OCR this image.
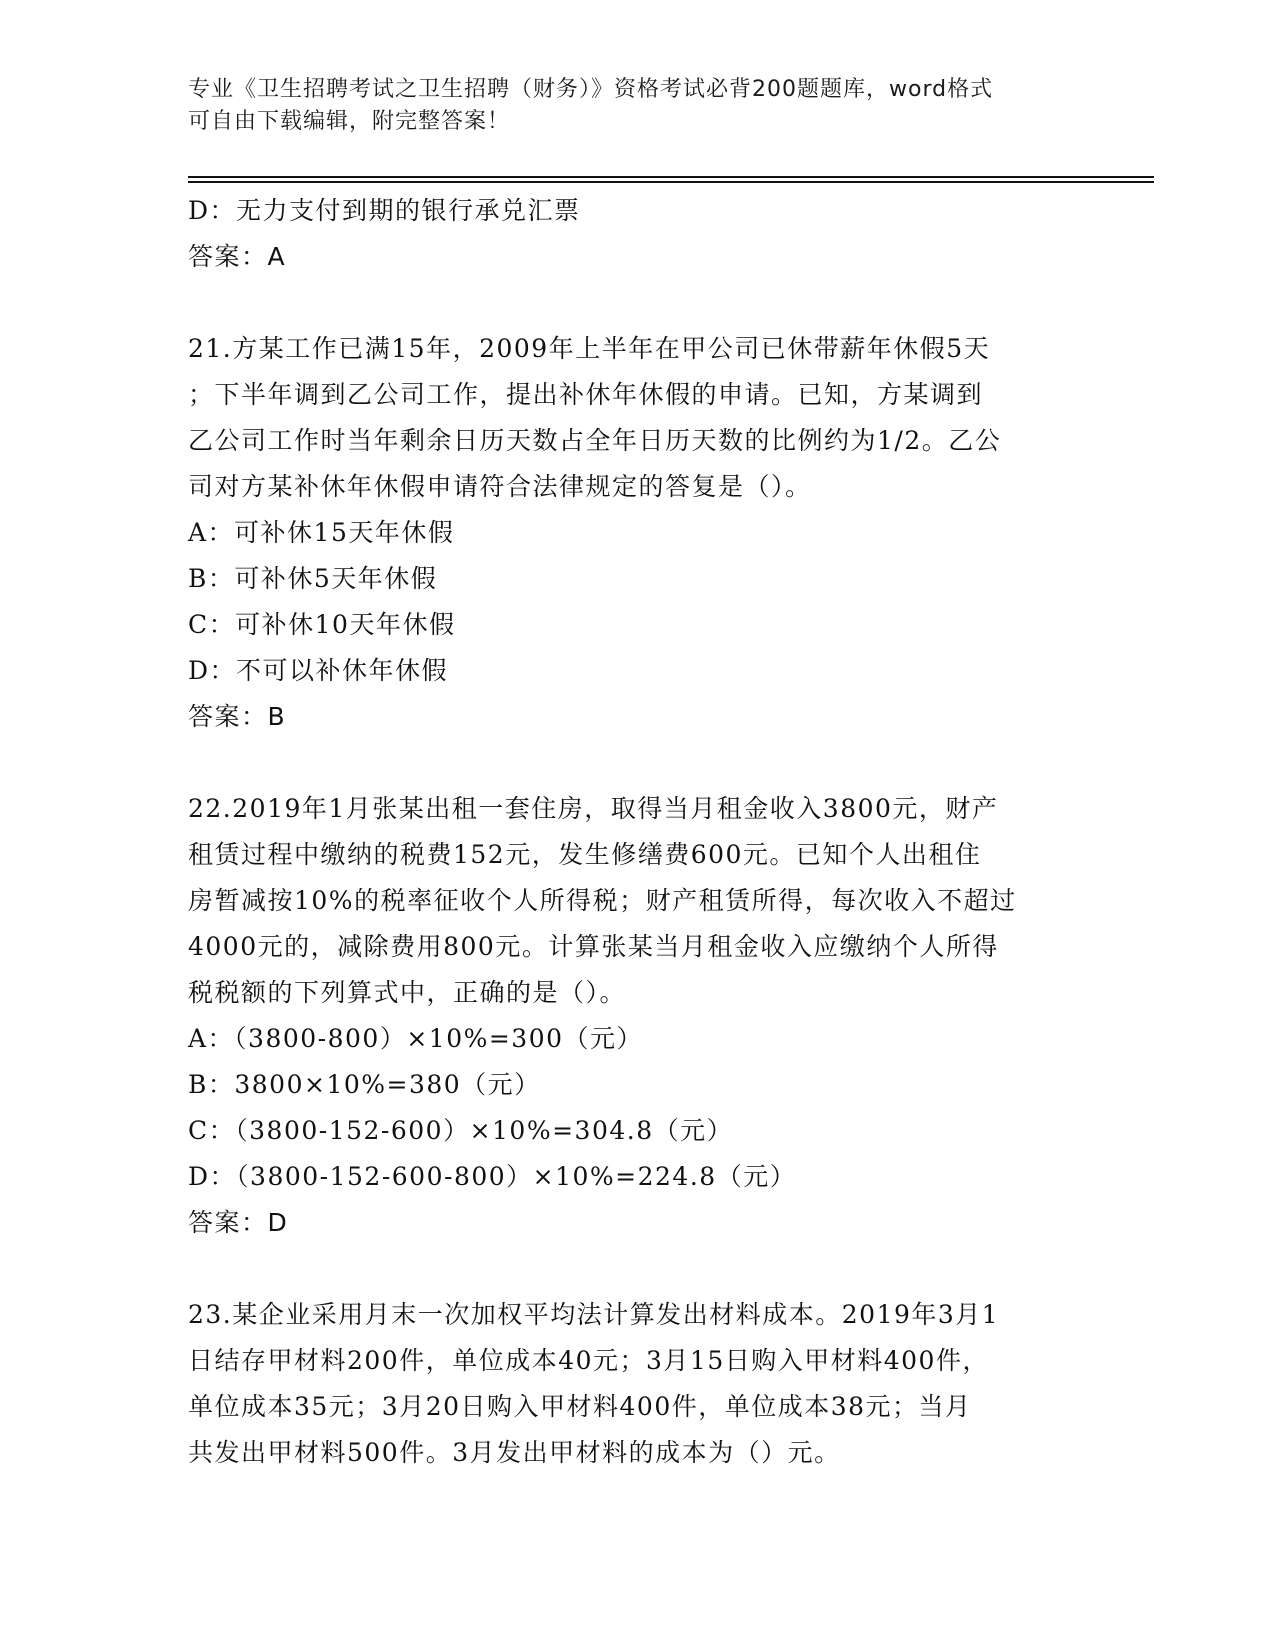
专业《卫生招聘考试之卫生招聘（财务）》资格考试必背200题题库，word格式
可自由下载编辑，附完整答案！
D：无力支付到期的银行承兑汇票
答案：A
21.方某工作已满15年，2009年上半年在甲公司已休带薪年休假5天
；下半年调到乙公司工作，提出补休年休假的申请。已知，方某调到
乙公司工作时当年剩余日历天数占全年日历天数的比例约为1/2。乙公
司对方某补休年休假申请符合法律规定的答复是（）。
A：可补休15天年休假
B：可补休5天年休假
C：可补休10天年休假
D：不可以补休年休假
答案：B
22.2019年1月张某出租一套住房，取得当月租金收入3800元，财产
租赁过程中缴纳的税费152元，发生修缮费600元。已知个人出租住
房暂减按10%的税率征收个人所得税；财产租赁所得，每次收入不超过
4000元的，减除费用800元。计算张某当月租金收入应缴纳个人所得
税税额的下列算式中，正确的是（）。
A：（3800-800）×10%=300（元）
B：3800×10%=380（元）
C：（3800-152-600）×10%=304.8（元）
D：（3800-152-600-800）×10%=224.8（元）
答案：D
23.某企业采用月末一次加权平均法计算发出材料成本。2019年3月1
日结存甲材料200件，单位成本40元；3月15日购入甲材料400件，
单位成本35元；3月20日购入甲材料400件，单位成本38元；当月
共发出甲材料500件。3月发出甲材料的成本为（）元。
